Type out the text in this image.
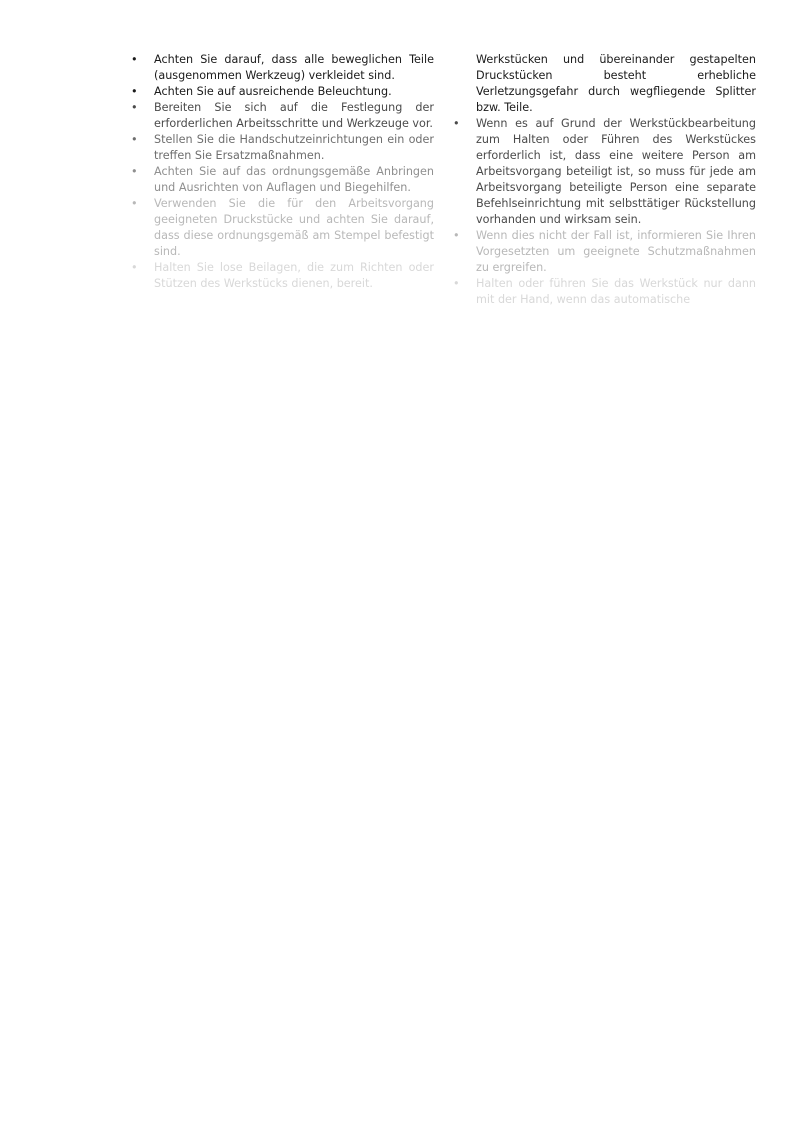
• Achten Sie darauf, dass alle beweglichen Teile (ausgenommen Werkzeug) verkleidet sind.
• Achten Sie auf ausreichende Beleuchtung.
• Bereiten Sie sich auf die Festlegung der erforderlichen Arbeitsschritte und Werkzeuge vor.
• Stellen Sie die Handschutzeinrichtungen ein oder treffen Sie Ersatzmaßnahmen.
• Achten Sie auf das ordnungsgemäße Anbringen und Ausrichten von Auflagen und Biegehilfen.
• Verwenden Sie die für den Arbeitsvorgang geeigneten Druckstücke und achten Sie darauf, dass diese ordnungsgemäß am Stempel befestigt sind.
• Halten Sie lose Beilagen, die zum Richten oder Stützen des Werkstücks dienen, bereit.

Werkstücken und übereinander gestapelten Druckstücken besteht erhebliche Verletzungsgefahr durch wegfliegende Splitter bzw. Teile.

• Wenn es auf Grund der Werkstückbearbeitung zum Halten oder Führen des Werkstückes erforderlich ist, dass eine weitere Person am Arbeitsvorgang beteiligt ist, so muss für jede am Arbeitsvorgang beteiligte Person eine separate Befehlseinrichtung mit selbsttätiger Rückstellung vorhanden und wirksam sein.
• Wenn dies nicht der Fall ist, informieren Sie Ihren Vorgesetzten um geeignete Schutzmaßnahmen zu ergreifen.
• Halten oder führen Sie das Werkstück nur dann mit der Hand, wenn das automatische
